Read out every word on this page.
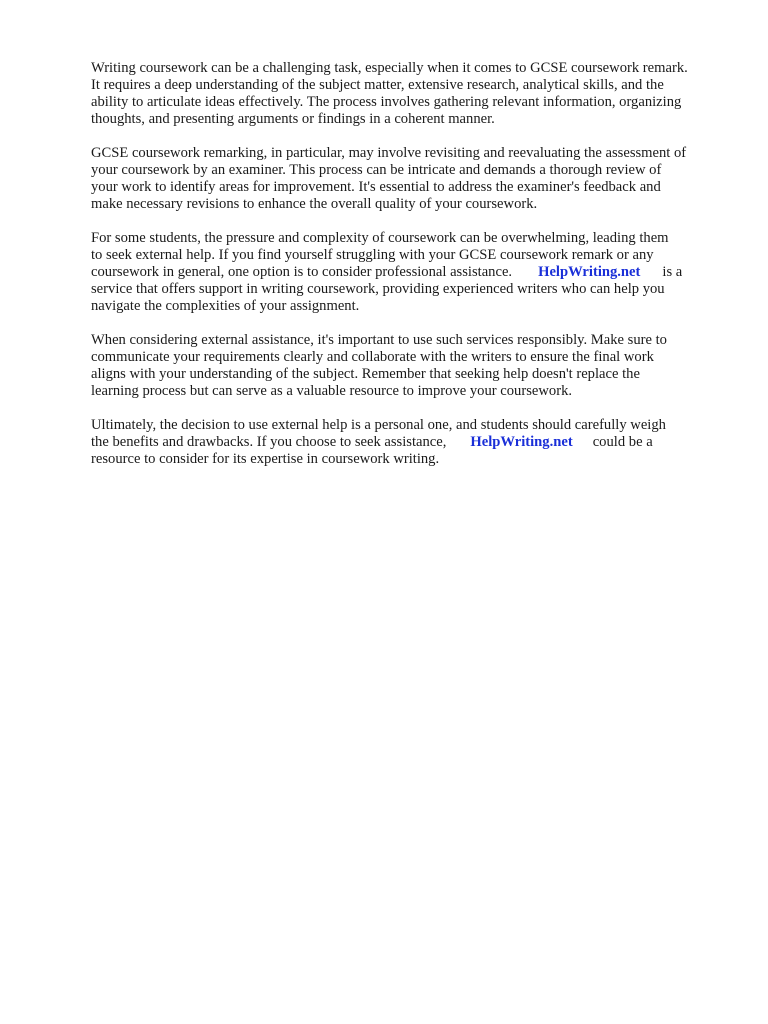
Writing coursework can be a challenging task, especially when it comes to GCSE coursework remark.
It requires a deep understanding of the subject matter, extensive research, analytical skills, and the
ability to articulate ideas effectively. The process involves gathering relevant information, organizing
thoughts, and presenting arguments or findings in a coherent manner.

GCSE coursework remarking, in particular, may involve revisiting and reevaluating the assessment of
your coursework by an examiner. This process can be intricate and demands a thorough review of
your work to identify areas for improvement. It's essential to address the examiner's feedback and
make necessary revisions to enhance the overall quality of your coursework.

For some students, the pressure and complexity of coursework can be overwhelming, leading them
to seek external help. If you find yourself struggling with your GCSE coursework remark or any
coursework in general, one option is to consider professional assistance. HelpWriting.net is a
service that offers support in writing coursework, providing experienced writers who can help you
navigate the complexities of your assignment.

When considering external assistance, it's important to use such services responsibly. Make sure to
communicate your requirements clearly and collaborate with the writers to ensure the final work
aligns with your understanding of the subject. Remember that seeking help doesn't replace the
learning process but can serve as a valuable resource to improve your coursework.

Ultimately, the decision to use external help is a personal one, and students should carefully weigh
the benefits and drawbacks. If you choose to seek assistance, HelpWriting.net could be a
resource to consider for its expertise in coursework writing.
